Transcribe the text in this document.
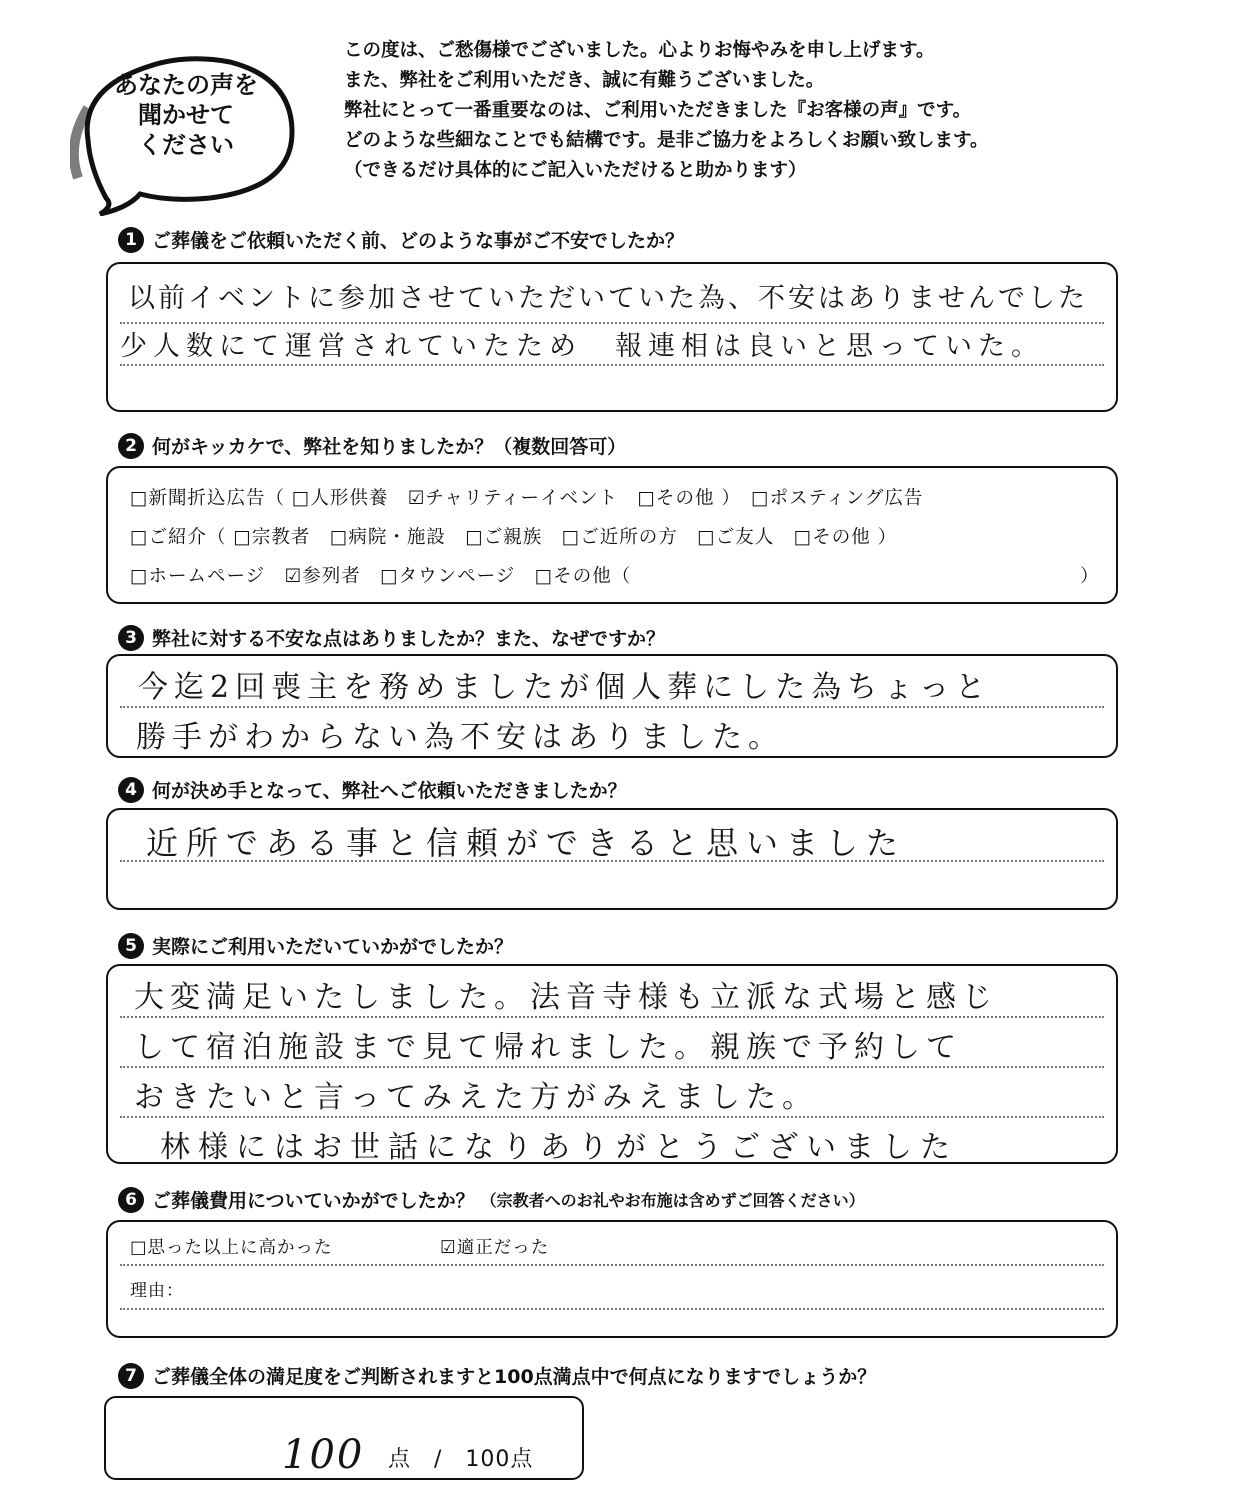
あなたの声を
聞かせて
ください
この度は、ご愁傷様でございました。心よりお悔やみを申し上げます。
また、弊社をご利用いただき、誠に有難うございました。
弊社にとって一番重要なのは、ご利用いただきました『お客様の声』です。
どのような些細なことでも結構です。是非ご協力をよろしくお願い致します。
（できるだけ具体的にご記入いただけると助かります）
1 ご葬儀をご依頼いただく前、どのような事がご不安でしたか？
以前イベントに参加させていただいていた為、不安はありませんでした
少人数にて運営されていたため　報連相は良いと思っていた。
2 何がキッカケで、弊社を知りましたか？（複数回答可）
□新聞折込広告（ □人形供養　☑チャリティーイベント　□その他 ）　□ポスティング広告
□ご紹介（ □宗教者　□病院・施設　□ご親族　□ご近所の方　□ご友人　□その他 ）
□ホームページ　☑参列者　□タウンページ　□その他（	）
3 弊社に対する不安な点はありましたか？また、なぜですか？
今迄2回喪主を務めましたが個人葬にした為ちょっと
勝手がわからない為不安はありました。
4 何が決め手となって、弊社へご依頼いただきましたか？
近所である事と信頼ができると思いました
5 実際にご利用いただいていかがでしたか？
大変満足いたしました。法音寺様も立派な式場と感じ
して宿泊施設まで見て帰れました。親族で予約して
おきたいと言ってみえた方がみえました。
林様にはお世話になりありがとうございました
6 ご葬儀費用についていかがでしたか？ （宗教者へのお礼やお布施は含めずご回答ください）
□思った以上に高かった	☑適正だった
理由：
7 ご葬儀全体の満足度をご判断されますと100点満点中で何点になりますでしょうか？
100 点　/　100点
